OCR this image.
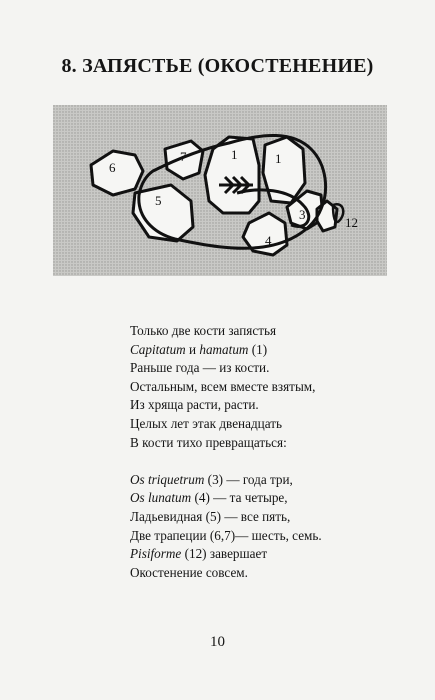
8. ЗАПЯСТЬЕ (ОКОСТЕНЕНИЕ)
6
7	1	1
5
3
4
12
Только две кости запястья
Capitatum и hamatum (1)
Раньше года — из кости.
Остальным, всем вместе взятым,
Из хряща расти, расти.
Целых лет этак двенадцать
В кости тихо превращаться:
Os triquetrum (3) — года три,
Os lunatum (4) — та четыре,
Ладьевидная (5) — все пять,
Две трапеции (6,7)— шесть, семь.
Pisiforme (12) завершает
Окостенение совсем.
10
